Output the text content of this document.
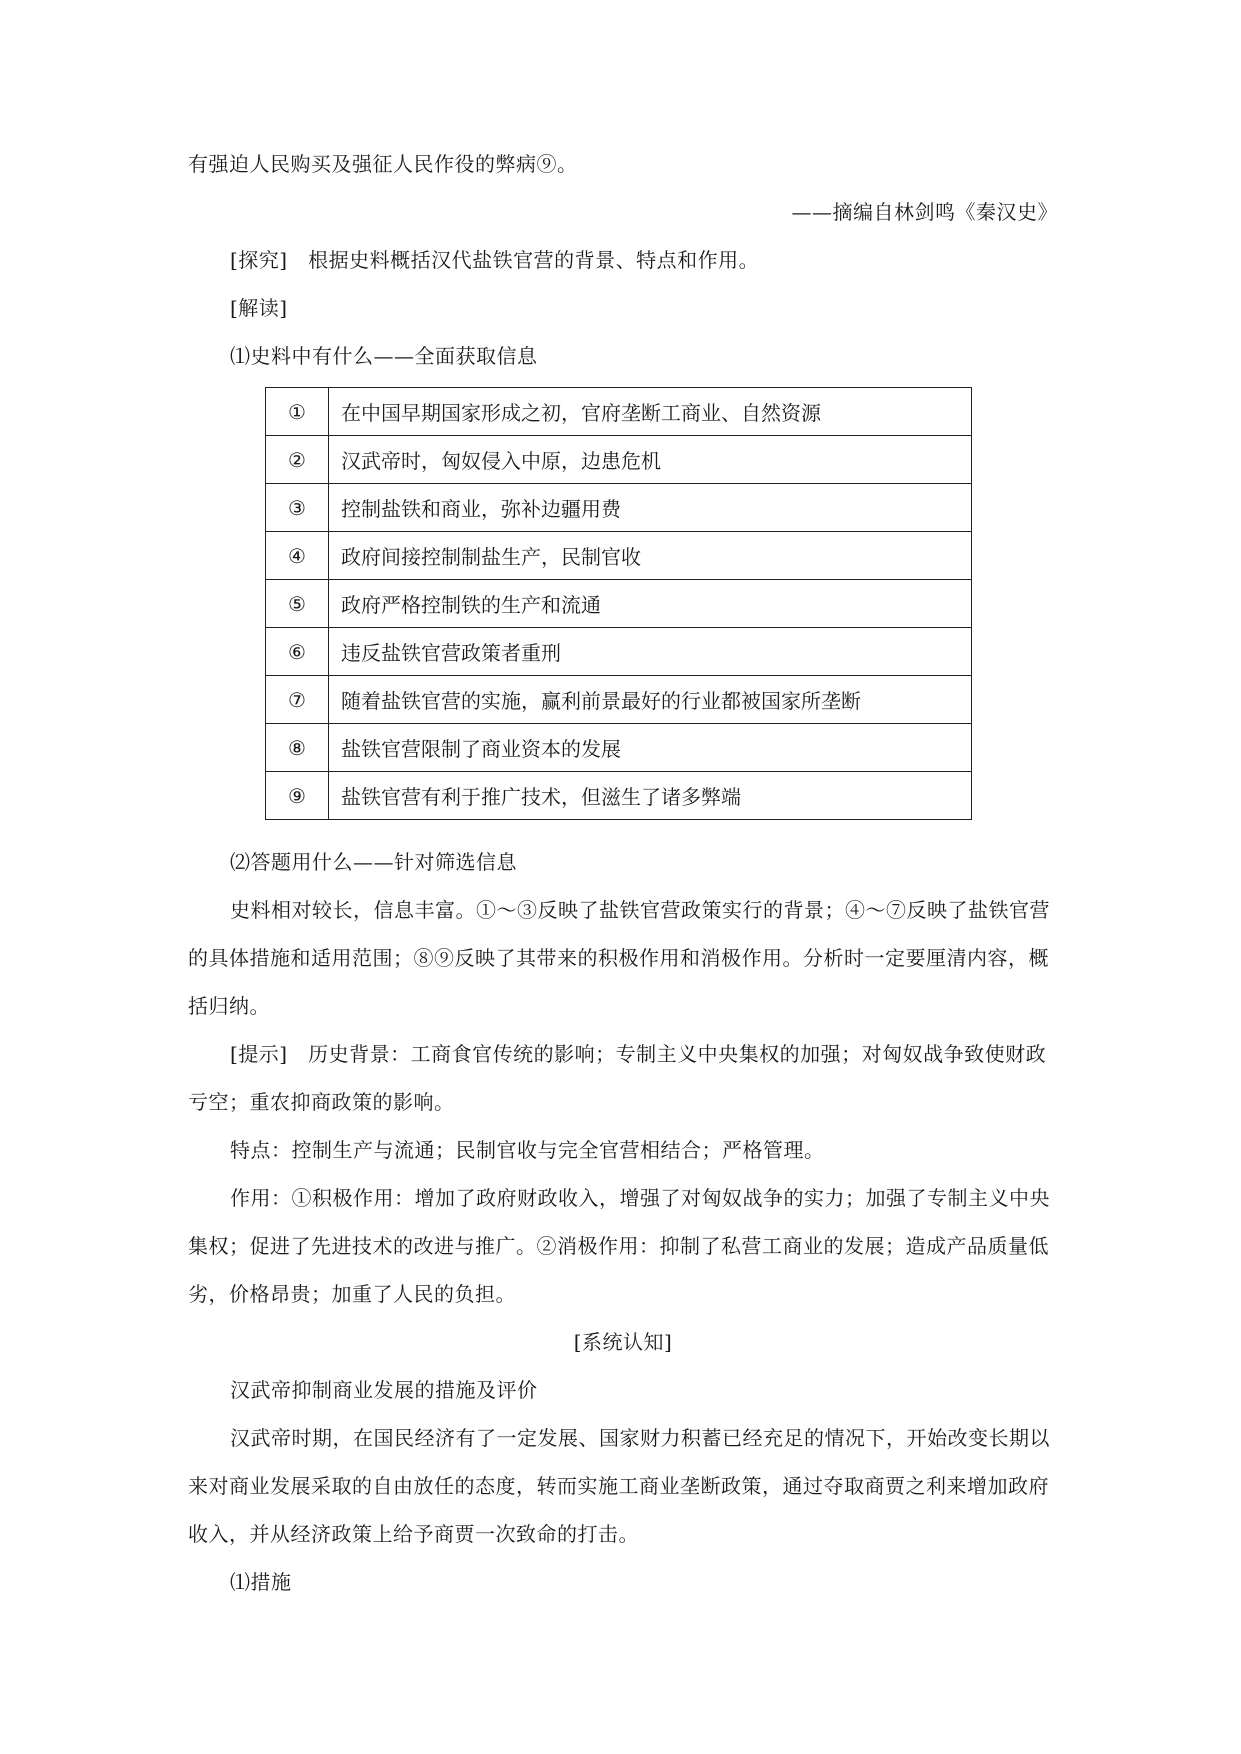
有强迫人民购买及强征人民作役的弊病⑨。

——摘编自林剑鸣《秦汉史》

[探究]　根据史料概括汉代盐铁官营的背景、特点和作用。

[解读]

⑴史料中有什么——全面获取信息

①	在中国早期国家形成之初，官府垄断工商业、自然资源
②	汉武帝时，匈奴侵入中原，边患危机
③	控制盐铁和商业，弥补边疆用费
④	政府间接控制制盐生产，民制官收
⑤	政府严格控制铁的生产和流通
⑥	违反盐铁官营政策者重刑
⑦	随着盐铁官营的实施，赢利前景最好的行业都被国家所垄断
⑧	盐铁官营限制了商业资本的发展
⑨	盐铁官营有利于推广技术，但滋生了诸多弊端

⑵答题用什么——针对筛选信息

史料相对较长，信息丰富。①～③反映了盐铁官营政策实行的背景；④～⑦反映了盐铁官营的具体措施和适用范围；⑧⑨反映了其带来的积极作用和消极作用。分析时一定要厘清内容，概括归纳。

[提示]　历史背景：工商食官传统的影响；专制主义中央集权的加强；对匈奴战争致使财政亏空；重农抑商政策的影响。

特点：控制生产与流通；民制官收与完全官营相结合；严格管理。

作用：①积极作用：增加了政府财政收入，增强了对匈奴战争的实力；加强了专制主义中央集权；促进了先进技术的改进与推广。②消极作用：抑制了私营工商业的发展；造成产品质量低劣，价格昂贵；加重了人民的负担。

[系统认知]

汉武帝抑制商业发展的措施及评价

汉武帝时期，在国民经济有了一定发展、国家财力积蓄已经充足的情况下，开始改变长期以来对商业发展采取的自由放任的态度，转而实施工商业垄断政策，通过夺取商贾之利来增加政府收入，并从经济政策上给予商贾一次致命的打击。

⑴措施
